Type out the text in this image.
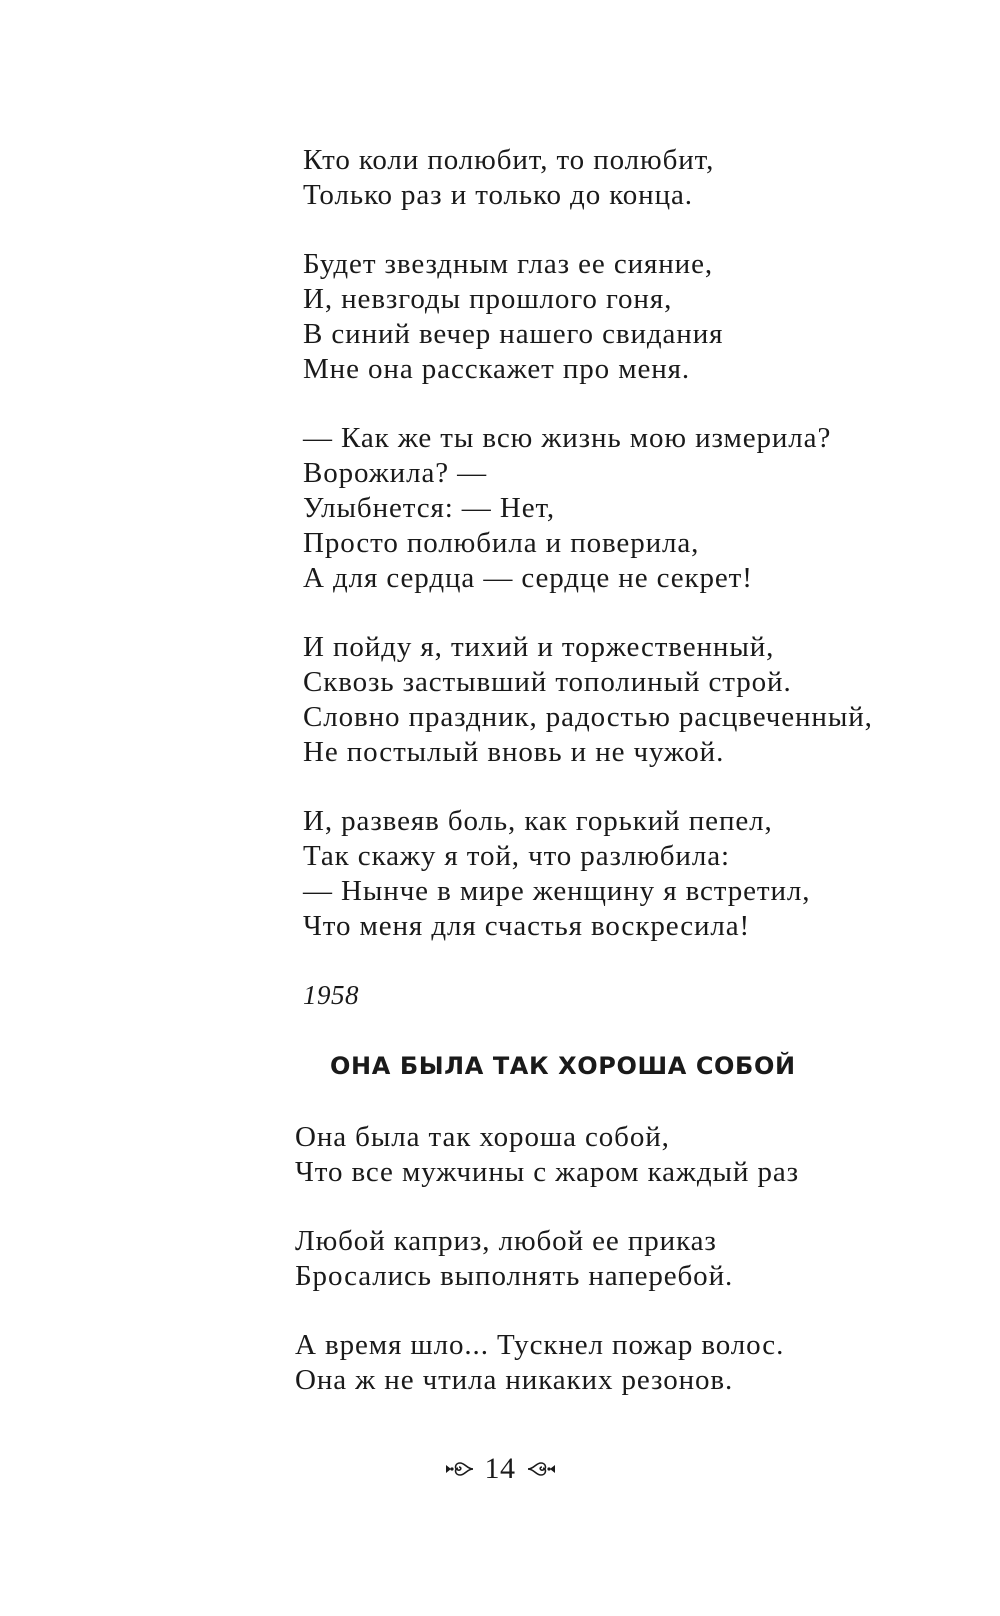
Кто коли полюбит, то полюбит,
Только раз и только до конца.
Будет звездным глаз ее сияние,
И, невзгоды прошлого гоня,
В синий вечер нашего свидания
Мне она расскажет про меня.
— Как же ты всю жизнь мою измерила?
Ворожила? —
Улыбнется: — Нет,
Просто полюбила и поверила,
А для сердца — сердце не секрет!
И пойду я, тихий и торжественный,
Сквозь застывший тополиный строй.
Словно праздник, радостью расцвеченный,
Не постылый вновь и не чужой.
И, развеяв боль, как горький пепел,
Так скажу я той, что разлюбила:
— Нынче в мире женщину я встретил,
Что меня для счастья воскресила!
1958
ОНА БЫЛА ТАК ХОРОША СОБОЙ
Она была так хороша собой,
Что все мужчины с жаром каждый раз
Любой каприз, любой ее приказ
Бросались выполнять наперебой.
А время шло... Тускнел пожар волос.
Она ж не чтила никаких резонов.
14
